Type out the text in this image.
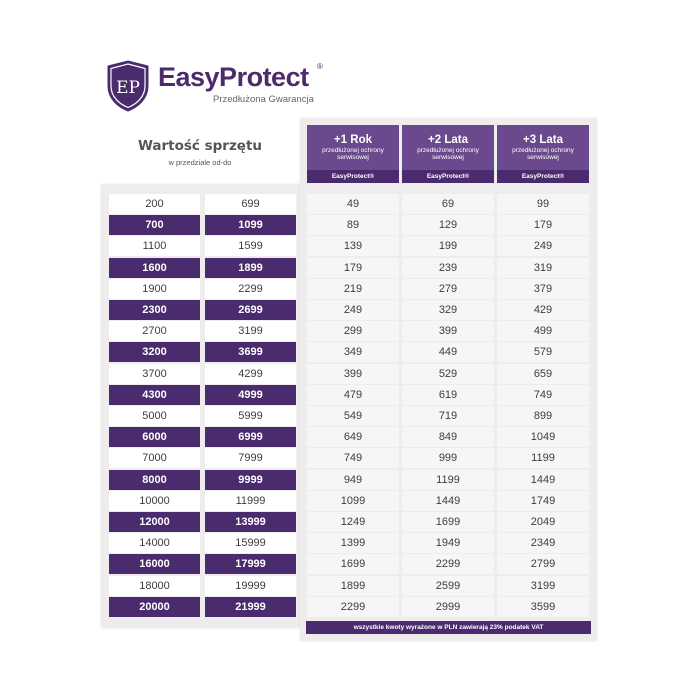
EP EasyProtect ®
Przedłużona Gwarancja
Wartość sprzętu
w przedziale od-do
+1 Rok
przedłużonej ochrony serwisowej
EasyProtect®
+2 Lata
przedłużonej ochrony serwisowej
EasyProtect®
+3 Lata
przedłużonej ochrony serwisowej
EasyProtect®
200	699	49	69	99
700	1099	89	129	179
1100	1599	139	199	249
1600	1899	179	239	319
1900	2299	219	279	379
2300	2699	249	329	429
2700	3199	299	399	499
3200	3699	349	449	579
3700	4299	399	529	659
4300	4999	479	619	749
5000	5999	549	719	899
6000	6999	649	849	1049
7000	7999	749	999	1199
8000	9999	949	1199	1449
10000	11999	1099	1449	1749
12000	13999	1249	1699	2049
14000	15999	1399	1949	2349
16000	17999	1699	2299	2799
18000	19999	1899	2599	3199
20000	21999	2299	2999	3599
wszystkie kwoty wyrażone w PLN zawierają 23% podatek VAT
